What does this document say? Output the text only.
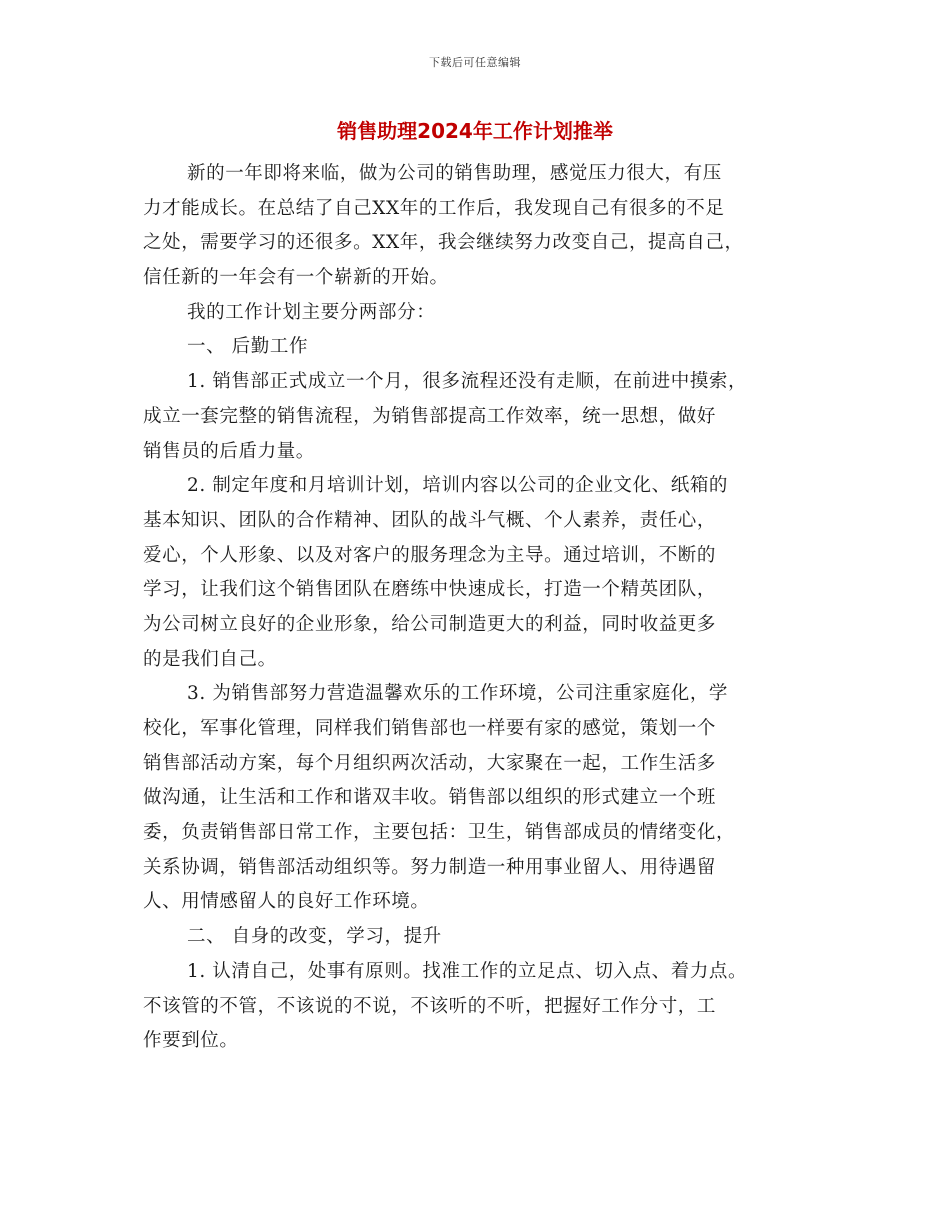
下载后可任意编辑
销售助理2024年工作计划推举
新的一年即将来临，做为公司的销售助理，感觉压力很大，有压
力才能成长。在总结了自己XX年的工作后，我发现自己有很多的不足
之处，需要学习的还很多。XX年，我会继续努力改变自己，提高自己，
信任新的一年会有一个崭新的开始。
我的工作计划主要分两部分：
一、 后勤工作
1. 销售部正式成立一个月，很多流程还没有走顺，在前进中摸索，
成立一套完整的销售流程，为销售部提高工作效率，统一思想，做好
销售员的后盾力量。
2. 制定年度和月培训计划，培训内容以公司的企业文化、纸箱的
基本知识、团队的合作精神、团队的战斗气概、个人素养，责任心，
爱心，个人形象、以及对客户的服务理念为主导。通过培训，不断的
学习，让我们这个销售团队在磨练中快速成长，打造一个精英团队，
为公司树立良好的企业形象，给公司制造更大的利益，同时收益更多
的是我们自己。
3. 为销售部努力营造温馨欢乐的工作环境，公司注重家庭化，学
校化，军事化管理，同样我们销售部也一样要有家的感觉，策划一个
销售部活动方案，每个月组织两次活动，大家聚在一起，工作生活多
做沟通，让生活和工作和谐双丰收。销售部以组织的形式建立一个班
委，负责销售部日常工作，主要包括：卫生，销售部成员的情绪变化，
关系协调，销售部活动组织等。努力制造一种用事业留人、用待遇留
人、用情感留人的良好工作环境。
二、 自身的改变，学习，提升
1. 认清自己，处事有原则。找准工作的立足点、切入点、着力点。
不该管的不管，不该说的不说，不该听的不听，把握好工作分寸，工
作要到位。
